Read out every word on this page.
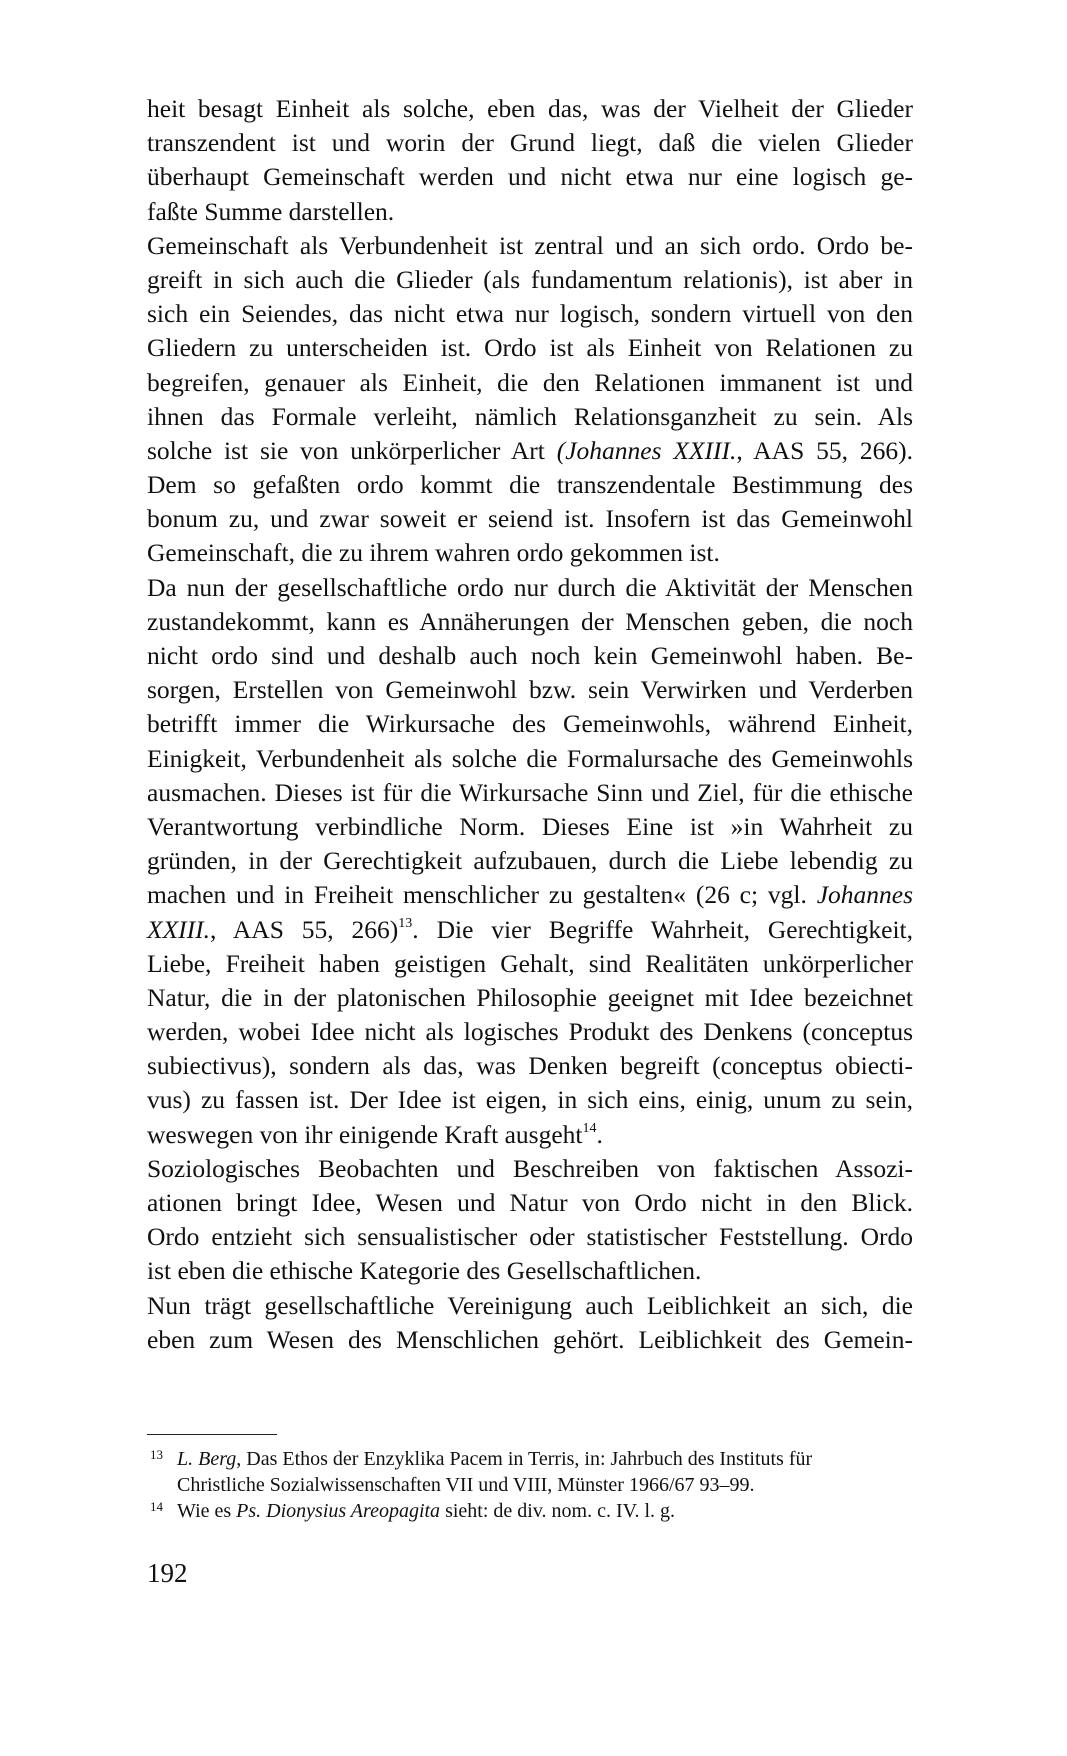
heit besagt Einheit als solche, eben das, was der Vielheit der Glieder
transzendent ist und worin der Grund liegt, daß die vielen Glieder
überhaupt Gemeinschaft werden und nicht etwa nur eine logisch ge-
faßte Summe darstellen.
Gemeinschaft als Verbundenheit ist zentral und an sich ordo. Ordo be-
greift in sich auch die Glieder (als fundamentum relationis), ist aber in
sich ein Seiendes, das nicht etwa nur logisch, sondern virtuell von den
Gliedern zu unterscheiden ist. Ordo ist als Einheit von Relationen zu
begreifen, genauer als Einheit, die den Relationen immanent ist und
ihnen das Formale verleiht, nämlich Relationsganzheit zu sein. Als
solche ist sie von unkörperlicher Art (Johannes XXIII., AAS 55, 266).
Dem so gefaßten ordo kommt die transzendentale Bestimmung des
bonum zu, und zwar soweit er seiend ist. Insofern ist das Gemeinwohl
Gemeinschaft, die zu ihrem wahren ordo gekommen ist.
Da nun der gesellschaftliche ordo nur durch die Aktivität der Menschen
zustandekommt, kann es Annäherungen der Menschen geben, die noch
nicht ordo sind und deshalb auch noch kein Gemeinwohl haben. Be-
sorgen, Erstellen von Gemeinwohl bzw. sein Verwirken und Verderben
betrifft immer die Wirkursache des Gemeinwohls, während Einheit,
Einigkeit, Verbundenheit als solche die Formalursache des Gemeinwohls
ausmachen. Dieses ist für die Wirkursache Sinn und Ziel, für die ethische
Verantwortung verbindliche Norm. Dieses Eine ist »in Wahrheit zu
gründen, in der Gerechtigkeit aufzubauen, durch die Liebe lebendig zu
machen und in Freiheit menschlicher zu gestalten« (26 c; vgl. Johannes
XXIII., AAS 55, 266)$^{13}$. Die vier Begriffe Wahrheit, Gerechtigkeit,
Liebe, Freiheit haben geistigen Gehalt, sind Realitäten unkörperlicher
Natur, die in der platonischen Philosophie geeignet mit Idee bezeichnet
werden, wobei Idee nicht als logisches Produkt des Denkens (conceptus
subiectivus), sondern als das, was Denken begreift (conceptus obiecti-
vus) zu fassen ist. Der Idee ist eigen, in sich eins, einig, unum zu sein,
weswegen von ihr einigende Kraft ausgeht$^{14}$.
Soziologisches Beobachten und Beschreiben von faktischen Assozi-
ationen bringt Idee, Wesen und Natur von Ordo nicht in den Blick.
Ordo entzieht sich sensualistischer oder statistischer Feststellung. Ordo
ist eben die ethische Kategorie des Gesellschaftlichen.
Nun trägt gesellschaftliche Vereinigung auch Leiblichkeit an sich, die
eben zum Wesen des Menschlichen gehört. Leiblichkeit des Gemein-
13 L. Berg, Das Ethos der Enzyklika Pacem in Terris, in: Jahrbuch des Instituts für
Christliche Sozialwissenschaften VII und VIII, Münster 1966/67 93–99.
14 Wie es Ps. Dionysius Areopagita sieht: de div. nom. c. IV. l. g.
192
